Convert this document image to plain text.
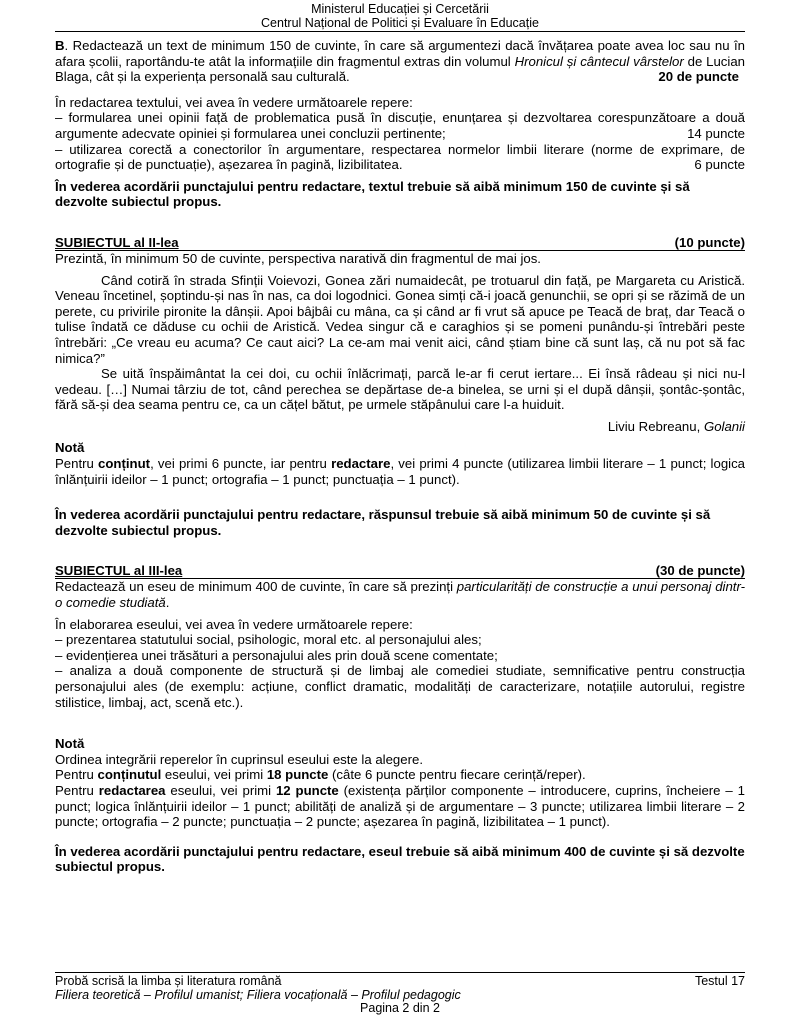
Ministerul Educației și Cercetării
Centrul Național de Politici și Evaluare în Educație

B. Redactează un text de minimum 150 de cuvinte, în care să argumentezi dacă învățarea poate avea loc sau nu în afara școlii, raportându-te atât la informațiile din fragmentul extras din volumul Hronicul și cântecul vârstelor de Lucian Blaga, cât și la experiența personală sau culturală.	20 de puncte

În redactarea textului, vei avea în vedere următoarele repere:

– formularea unei opinii față de problematica pusă în discuție, enunțarea și dezvoltarea corespunzătoare a două argumente adecvate opiniei și formularea unei concluzii pertinente;	14 puncte
– utilizarea corectă a conectorilor în argumentare, respectarea normelor limbii literare (norme de exprimare, de ortografie și de punctuație), așezarea în pagină, lizibilitatea.	6 puncte

În vederea acordării punctajului pentru redactare, textul trebuie să aibă minimum 150 de cuvinte și să dezvolte subiectul propus.

SUBIECTUL al II-lea	(10 puncte)

Prezintă, în minimum 50 de cuvinte, perspectiva narativă din fragmentul de mai jos.

Când cotiră în strada Sfinții Voievozi, Gonea zări numaidecât, pe trotuarul din față, pe Margareta cu Aristică. Veneau încetinel, șoptindu-și nas în nas, ca doi logodnici. Gonea simți că-i joacă genunchii, se opri și se răzimă de un perete, cu privirile pironite la dânșii. Apoi bâjbâi cu mâna, ca și când ar fi vrut să apuce pe Teacă de braț, dar Teacă o tulise îndată ce dăduse cu ochii de Aristică. Vedea singur că e caraghios și se pomeni punându-și întrebări peste întrebări: „Ce vreau eu acuma? Ce caut aici? La ce-am mai venit aici, când știam bine că sunt laș, că nu pot să fac nimica?”

Se uită înspăimântat la cei doi, cu ochii înlăcrimați, parcă le-ar fi cerut iertare... Ei însă râdeau și nici nu-l vedeau. […] Numai târziu de tot, când perechea se depărtase de-a binelea, se urni și el după dânșii, șontâc-șontâc, fără să-și dea seama pentru ce, ca un cățel bătut, pe urmele stăpânului care l-a huiduit.

Liviu Rebreanu, Golanii

Notă

Pentru conținut, vei primi 6 puncte, iar pentru redactare, vei primi 4 puncte (utilizarea limbii literare – 1 punct; logica înlănțuirii ideilor – 1 punct; ortografia – 1 punct; punctuația – 1 punct).

În vederea acordării punctajului pentru redactare, răspunsul trebuie să aibă minimum 50 de cuvinte și să dezvolte subiectul propus.

SUBIECTUL al III-lea	(30 de puncte)

Redactează un eseu de minimum 400 de cuvinte, în care să prezinți particularități de construcție a unui personaj dintr-o comedie studiată.

În elaborarea eseului, vei avea în vedere următoarele repere:

– prezentarea statutului social, psihologic, moral etc. al personajului ales;

– evidențierea unei trăsături a personajului ales prin două scene comentate;

– analiza a două componente de structură și de limbaj ale comediei studiate, semnificative pentru construcția personajului ales (de exemplu: acțiune, conflict dramatic, modalități de caracterizare, notațiile autorului, registre stilistice, limbaj, act, scenă etc.).

Notă

Ordinea integrării reperelor în cuprinsul eseului este la alegere.

Pentru conținutul eseului, vei primi 18 puncte (câte 6 puncte pentru fiecare cerință/reper).

Pentru redactarea eseului, vei primi 12 puncte (existența părților componente – introducere, cuprins, încheiere – 1 punct; logica înlănțuirii ideilor – 1 punct; abilități de analiză și de argumentare – 3 puncte; utilizarea limbii literare – 2 puncte; ortografia – 2 puncte; punctuația – 2 puncte; așezarea în pagină, lizibilitatea – 1 punct).

În vederea acordării punctajului pentru redactare, eseul trebuie să aibă minimum 400 de cuvinte și să dezvolte subiectul propus.

Probă scrisă la limba și literatura română	Testul 17
Filiera teoretică – Profilul umanist; Filiera vocațională – Profilul pedagogic
Pagina 2 din 2
